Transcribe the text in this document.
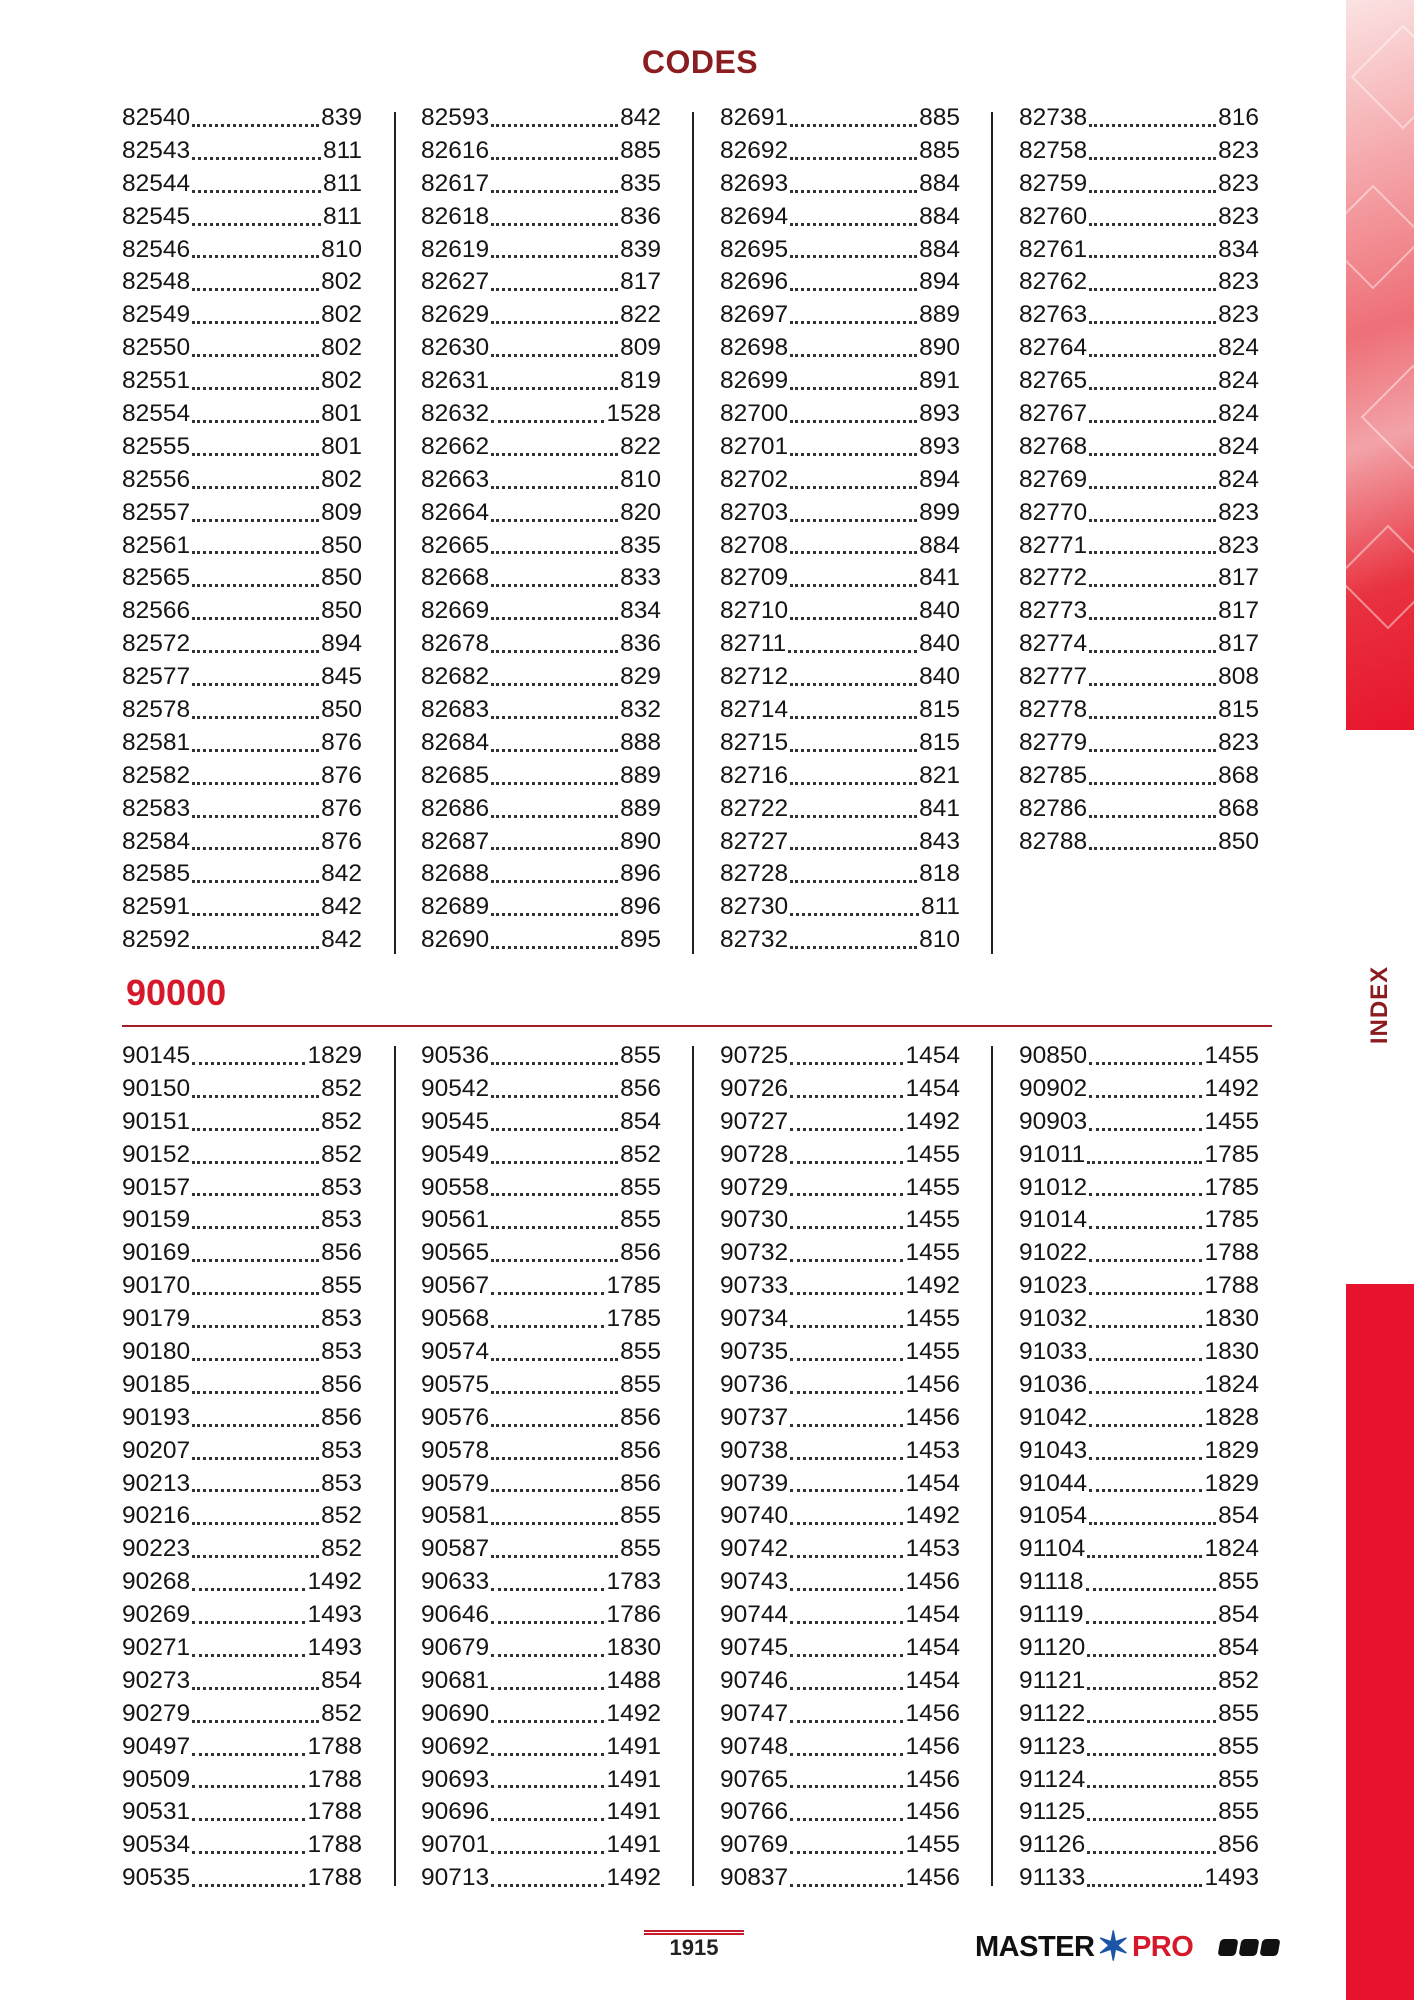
INDEX
CODES
82540	839
82543	811
82544	811
82545	811
82546	810
82548	802
82549	802
82550	802
82551	802
82554	801
82555	801
82556	802
82557	809
82561	850
82565	850
82566	850
82572	894
82577	845
82578	850
82581	876
82582	876
82583	876
82584	876
82585	842
82591	842
82592	842
82593	842
82616	885
82617	835
82618	836
82619	839
82627	817
82629	822
82630	809
82631	819
82632	1528
82662	822
82663	810
82664	820
82665	835
82668	833
82669	834
82678	836
82682	829
82683	832
82684	888
82685	889
82686	889
82687	890
82688	896
82689	896
82690	895
82691	885
82692	885
82693	884
82694	884
82695	884
82696	894
82697	889
82698	890
82699	891
82700	893
82701	893
82702	894
82703	899
82708	884
82709	841
82710	840
82711	840
82712	840
82714	815
82715	815
82716	821
82722	841
82727	843
82728	818
82730	811
82732	810
82738	816
82758	823
82759	823
82760	823
82761	834
82762	823
82763	823
82764	824
82765	824
82767	824
82768	824
82769	824
82770	823
82771	823
82772	817
82773	817
82774	817
82777	808
82778	815
82779	823
82785	868
82786	868
82788	850
90000
90145	1829
90150	852
90151	852
90152	852
90157	853
90159	853
90169	856
90170	855
90179	853
90180	853
90185	856
90193	856
90207	853
90213	853
90216	852
90223	852
90268	1492
90269	1493
90271	1493
90273	854
90279	852
90497	1788
90509	1788
90531	1788
90534	1788
90535	1788
90536	855
90542	856
90545	854
90549	852
90558	855
90561	855
90565	856
90567	1785
90568	1785
90574	855
90575	855
90576	856
90578	856
90579	856
90581	855
90587	855
90633	1783
90646	1786
90679	1830
90681	1488
90690	1492
90692	1491
90693	1491
90696	1491
90701	1491
90713	1492
90725	1454
90726	1454
90727	1492
90728	1455
90729	1455
90730	1455
90732	1455
90733	1492
90734	1455
90735	1455
90736	1456
90737	1456
90738	1453
90739	1454
90740	1492
90742	1453
90743	1456
90744	1454
90745	1454
90746	1454
90747	1456
90748	1456
90765	1456
90766	1456
90769	1455
90837	1456
90850	1455
90902	1492
90903	1455
91011	1785
91012	1785
91014	1785
91022	1788
91023	1788
91032	1830
91033	1830
91036	1824
91042	1828
91043	1829
91044	1829
91054	854
91104	1824
91118	855
91119	854
91120	854
91121	852
91122	855
91123	855
91124	855
91125	855
91126	856
91133	1493
1915	MASTER ✶ PRO
